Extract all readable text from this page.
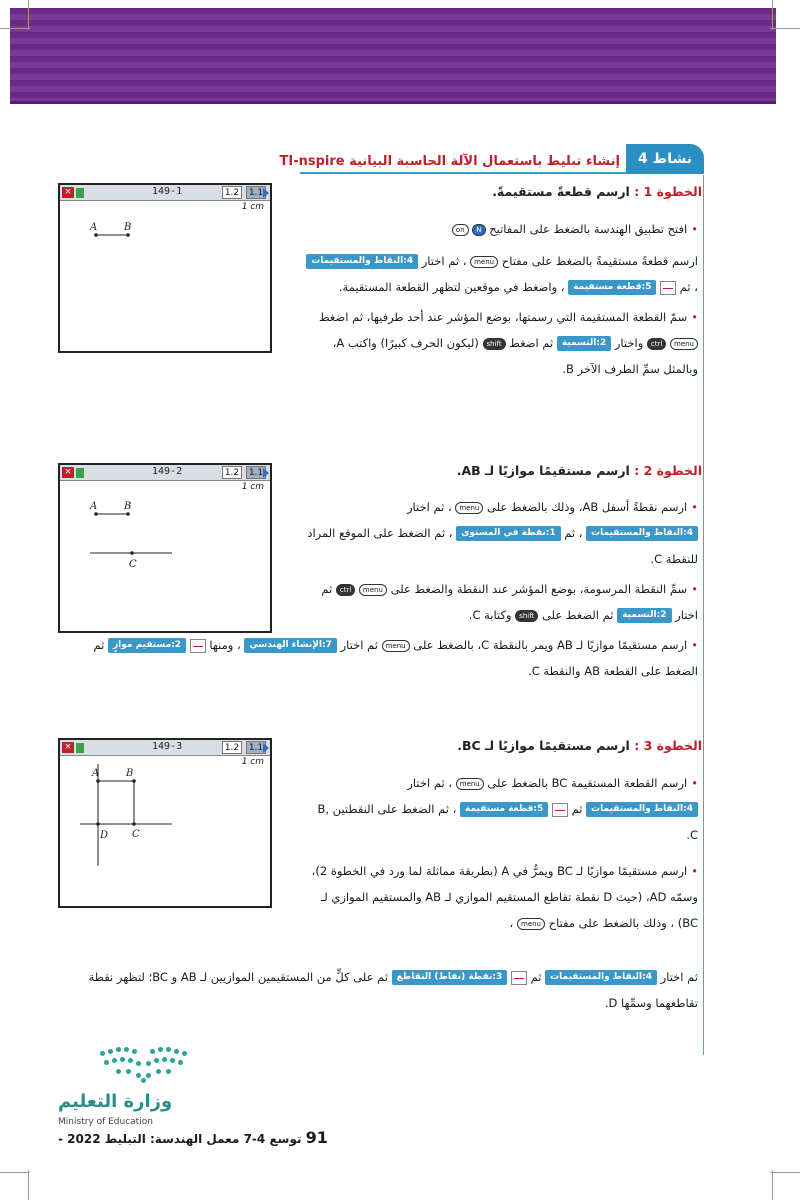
إنشاء تبليط باستعمال الآلة الحاسبة البيانية TI-nspire	نشاط 4
×	149-1	1.2	1.1
1 cm
A	B
الخطوة 1 : ارسم قطعةً مستقيمةً.
•افتح تطبيق الهندسة بالضغط على المفاتيح N on
ارسم قطعةً مستقيمةً بالضغط على مفتاح menu ، ثم اختار 4:النقاط والمستقيمات ، ثم  5:قطعة مستقيمة ، واضغط في موقعين لتظهر القطعة المستقيمة.
•سمّ القطعة المستقيمة التي رسمتها، بوضع المؤشر عند أحد طرفيها، ثم اضغط menu ctrl واختار 2:التسمية ثم اضغط shift (ليكون الحرف كبيرًا) واكتب A، وبالمثل سمِّ الطرف الآخر B.
×	149-2	1.2	1.1
1 cm
A	B
C
الخطوة 2 : ارسم مستقيمًا موازيًا لـ AB.
•ارسم نقطةً أسفل AB، وذلك بالضغط على menu ، ثم اختار 4:النقاط والمستقيمات ، ثم 1:نقطة في المستوى ، ثم الضغط على الموقع المراد للنقطة C.
•سمِّ النقطة المرسومة، بوضع المؤشر عند النقطة والضغط على menu ctrl ثم اختار 2:التسمية ثم الضغط على shift وكتابة C.
•ارسم مستقيمًا موازيًا لـ AB ويمر بالنقطة C، بالضغط على menu ثم اختار 7:الإنشاء الهندسي ، ومنها  2:مستقيم موازٍ ثم الضغط على القطعة AB والنقطة C.
×	149-3	1.2	1.1
1 cm
A	B
C
D
الخطوة 3 : ارسم مستقيمًا موازيًا لـ BC.
•ارسم القطعة المستقيمة BC بالضغط على menu ، ثم اختار 4:النقاط والمستقيمات ثم  5:قطعة مستقيمة ، ثم الضغط على النقطتين B, C.
•ارسم مستقيمًا موازيًا لـ BC ويمرُّ في A (بطريقة مماثلة لما ورد في الخطوة 2)، وسمّه AD، (حيث D نقطة تقاطع المستقيم الموازي لـ AB والمستقيم الموازي لـ BC) ، وذلك بالضغط على مفتاح menu ،
ثم اختار 4:النقاط والمستقيمات ثم  3:نقطة (نقاط) التقاطع ثم على كلٍّ من المستقيمين الموازيين لـ AB و BC؛ لتظهر نقطة تقاطعهما وسمِّها D.
وزارة التعليم
Ministry of Education
91 توسع 4-7 معمل الهندسة: التبليط 2022 -
